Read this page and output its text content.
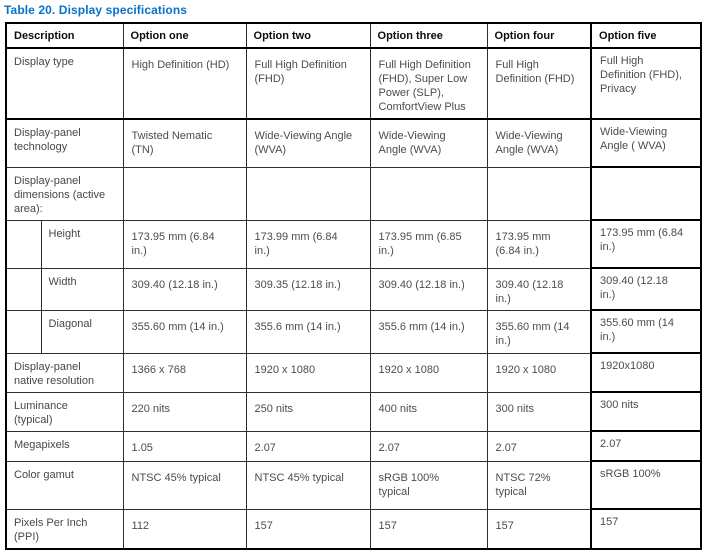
Table 20. Display specifications
Description		Option one	Option two	Option three	Option four	Option five
Display type		High Definition (HD)	Full High Definition (FHD)	Full High Definition (FHD), Super Low Power (SLP), ComfortView Plus	Full High Definition (FHD)	Full High Definition (FHD), Privacy
Display-panel technology		Twisted Nematic (TN)	Wide-Viewing Angle (WVA)	Wide-Viewing Angle (WVA)	Wide-Viewing Angle (WVA)	Wide-Viewing Angle ( WVA)
Display-panel dimensions (active area):						
	Height	173.95 mm (6.84 in.)	173.99 mm (6.84 in.)	173.95 mm (6.85 in.)	173.95 mm (6.84 in.)	173.95 mm (6.84 in.)
	Width	309.40 (12.18 in.)	309.35 (12.18 in.)	309.40 (12.18 in.)	309.40 (12.18 in.)	309.40 (12.18 in.)
	Diagonal	355.60 mm (14 in.)	355.6 mm (14 in.)	355.6 mm (14 in.)	355.60 mm (14 in.)	355.60 mm (14 in.)
Display-panel native resolution		1366 x 768	1920 x 1080	1920 x 1080	1920 x 1080	1920x1080
Luminance (typical)		220 nits	250 nits	400 nits	300 nits	300 nits
Megapixels		1.05	2.07	2.07	2.07	2.07
Color gamut		NTSC 45% typical	NTSC 45% typical	sRGB 100% typical	NTSC 72% typical	sRGB 100%
Pixels Per Inch (PPI)		112	157	157	157	157
